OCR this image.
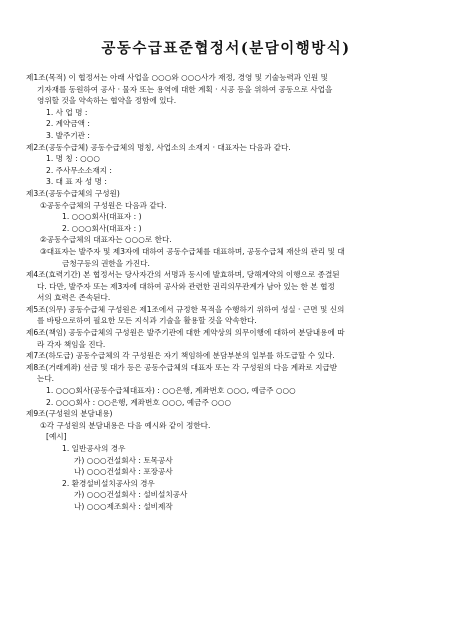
공동수급표준협정서(분담이행방식)

제1조(목적) 이 협정서는 아래 사업을 ○○○와 ○○○사가 재정, 경영 및 기술능력과 인원 및

기자재를 동원하여 공사 · 물자 또는 용역에 대한 계획 · 시공 등을 위하여 공동으로 사업을

영위할 것을 약속하는 협약을 정함에 있다.

1. 사 업 명 :

2. 계약금액 :

3. 발주기관 :

제2조(공동수급체) 공동수급체의 명칭, 사업소의 소재지 · 대표자는 다음과 같다.

1. 명 칭 : ○○○

2. 주사무소소재지 :

3. 대 표 자 성 명 :

제3조(공동수급체의 구성원)

①공동수급체의 구성원은 다음과 같다.

1. ○○○회사(대표자 : )

2. ○○○회사(대표자 : )

②공동수급체의 대표자는 ○○○로 한다.

③대표자는 발주자 및 제3자에 대하여 공동수급체를 대표하며, 공동수급체 재산의 관리 및 대

금청구등의 권한을 가진다.

제4조(효력기간) 본 협정서는 당사자간의 서명과 동시에 발효하며, 당해계약의 이행으로 종결된

다. 다만, 발주자 또는 제3자에 대하여 공사와 관련한 권리의무관계가 남아 있는 한 본 협정

서의 효력은 존속된다.

제5조(의무) 공동수급체 구성원은 제1조에서 규정한 목적을 수행하기 위하여 성실 · 근면 및 신의

를 바탕으로하여 필요한 모든 지식과 기술을 활용할 것을 약속한다.

제6조(책임) 공동수급체의 구성원은 발주기관에 대한 계약상의 의무이행에 대하여 분담내용에 따

라 각자 책임을 진다.

제7조(하도급) 공동수급체의 각 구성원은 자기 책임하에 분담부분의 일부를 하도급할 수 있다.

제8조(거래계좌) 선금 및 대가 등은 공동수급체의 대표자 또는 각 구성원의 다음 계좌로 지급받

는다.

1. ○○○회사(공동수급체대표자) : ○○은행, 계좌번호 ○○○, 예금주 ○○○

2. ○○○회사 : ○○은행, 계좌번호 ○○○, 예금주 ○○○

제9조(구성원의 분담내용)

①각 구성원의 분담내용은 다음 예시와 같이 정한다.

[예시]

1. 일반공사의 경우

가) ○○○건설회사 : 토목공사

나) ○○○건설회사 : 포장공사

2. 환경설비설치공사의 경우

가) ○○○건설회사 : 설비설치공사

나) ○○○제조회사 : 설비제작
